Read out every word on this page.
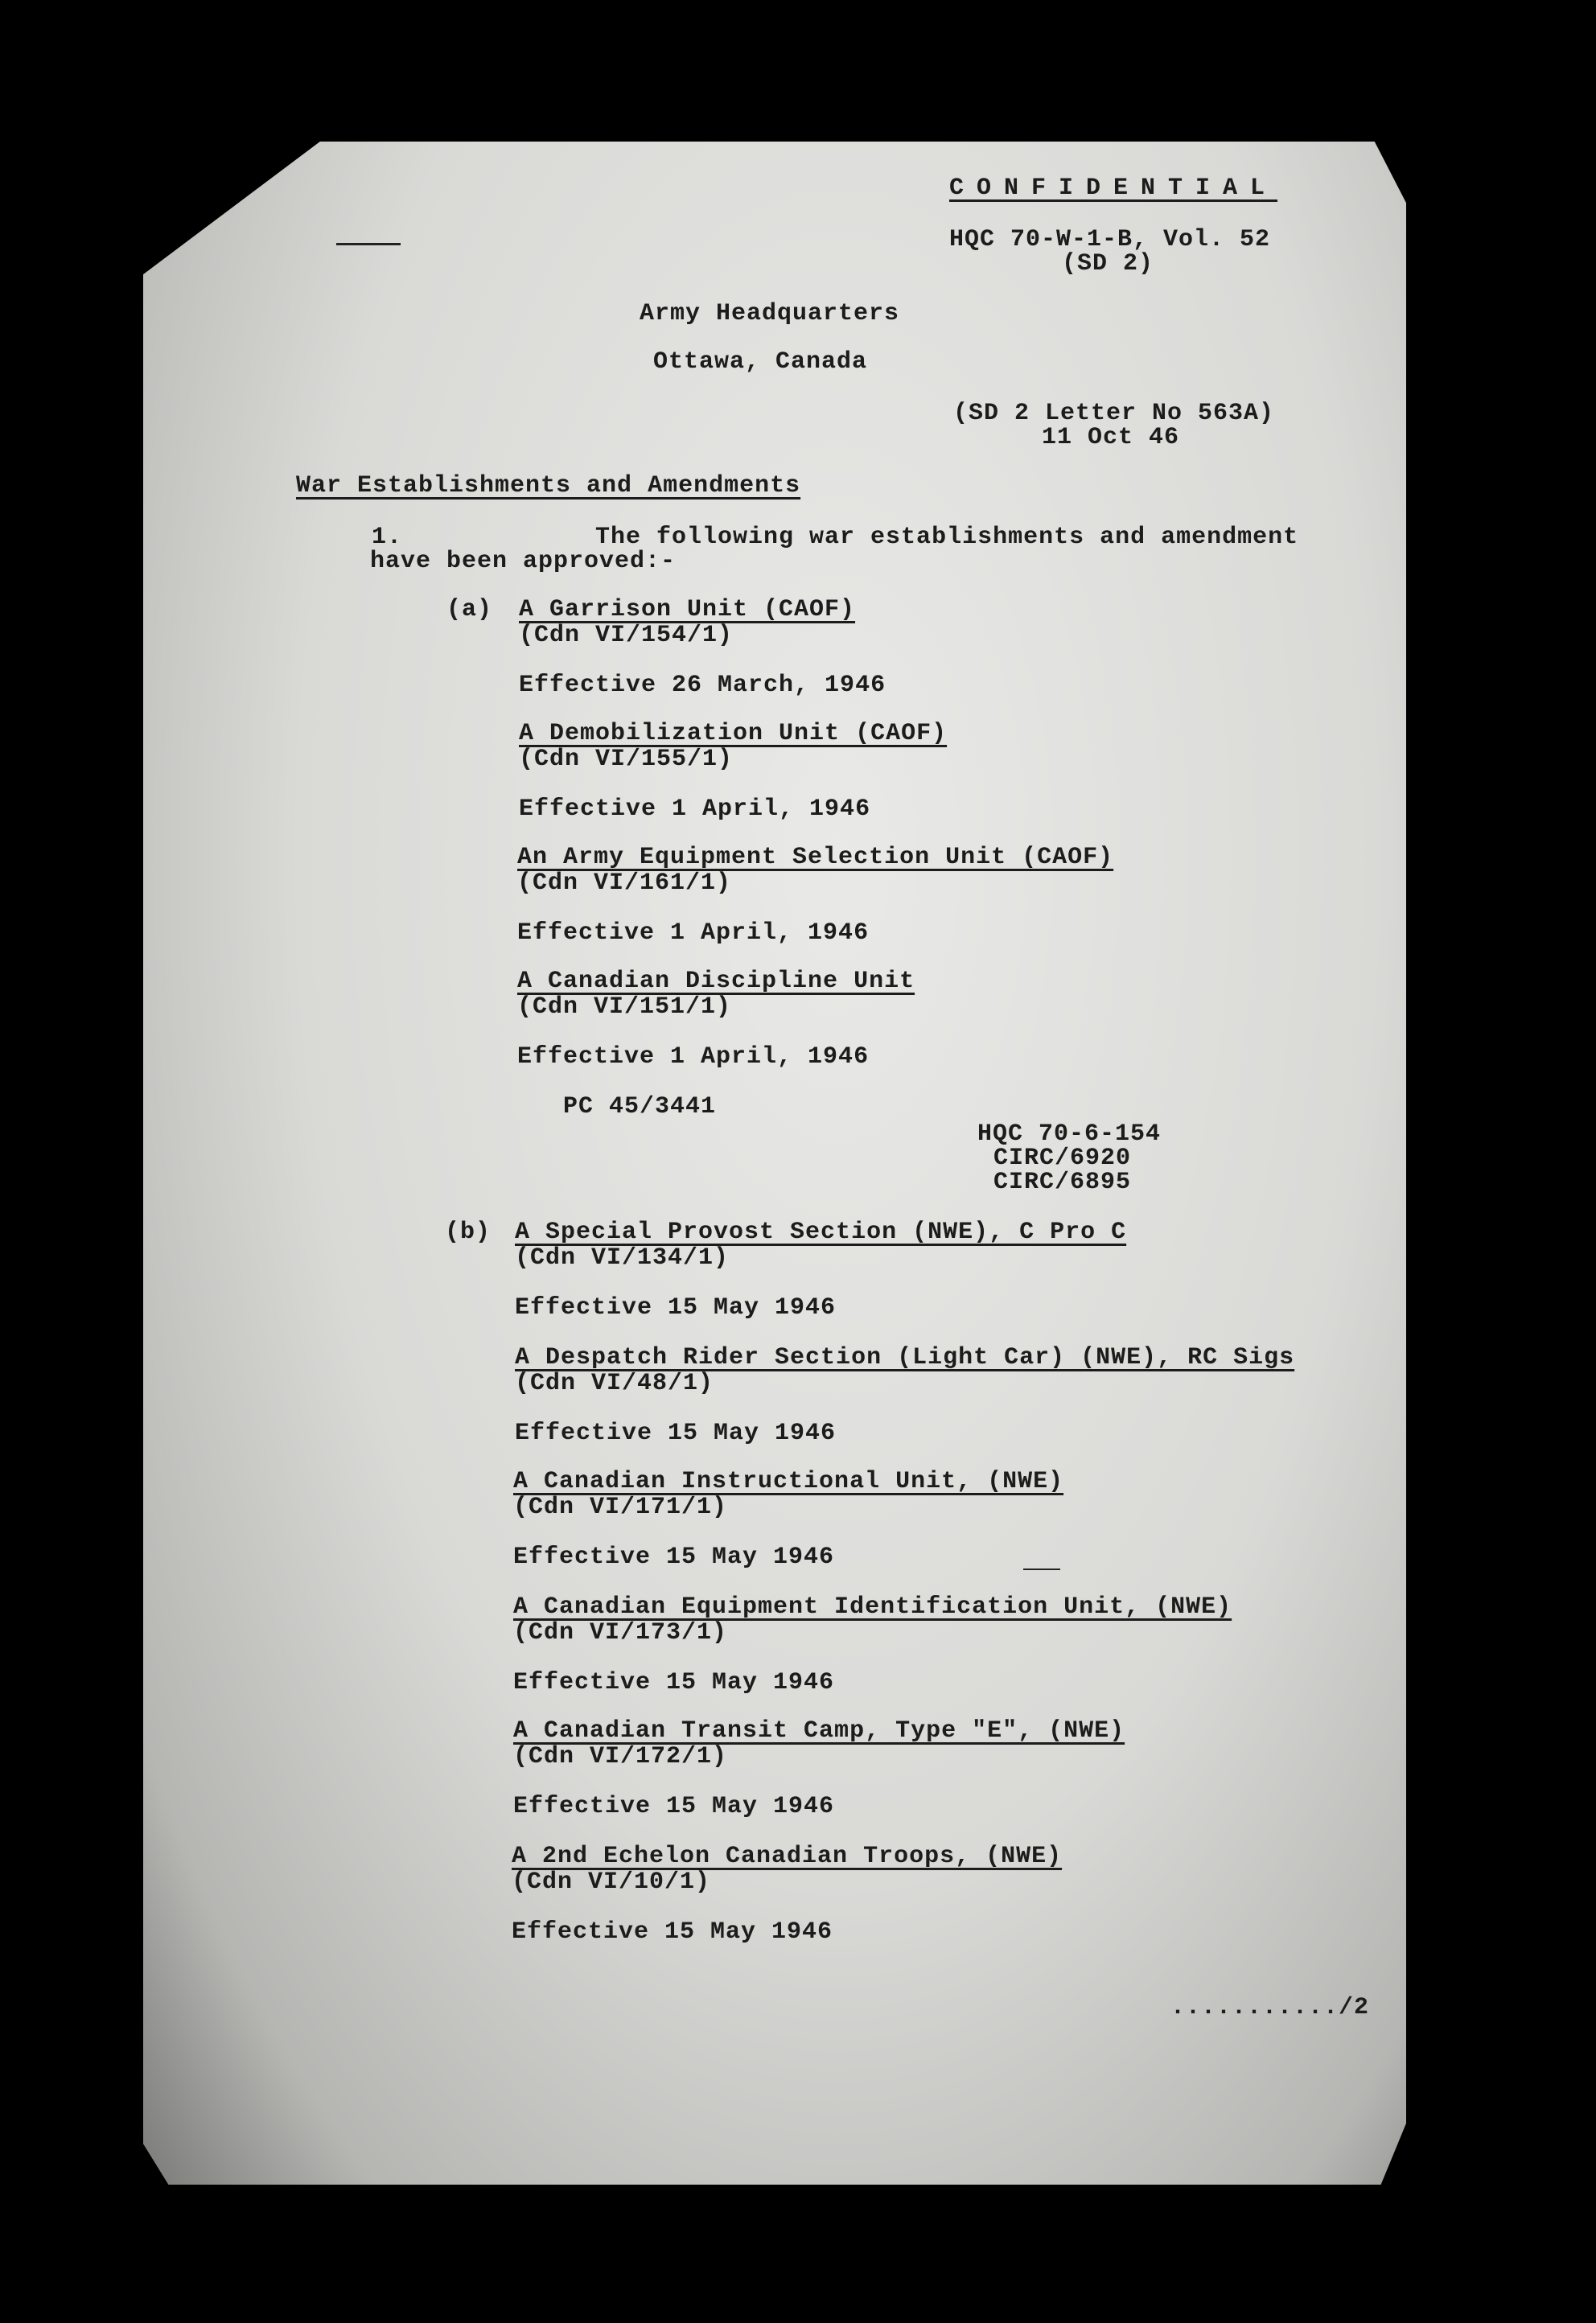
CONFIDENTIAL
HQC 70-W-1-B, Vol. 52
(SD 2)
Army Headquarters
Ottawa, Canada
(SD 2 Letter No 563A)
11 Oct 46
War Establishments and Amendments
1.	The following war establishments and amendment
have been approved:-
(a) A Garrison Unit (CAOF)
(Cdn VI/154/1)
Effective 26 March, 1946
A Demobilization Unit (CAOF)
(Cdn VI/155/1)
Effective 1 April, 1946
An Army Equipment Selection Unit (CAOF)
(Cdn VI/161/1)
Effective 1 April, 1946
A Canadian Discipline Unit
(Cdn VI/151/1)
Effective 1 April, 1946
PC 45/3441
HQC 70-6-154
CIRC/6920
CIRC/6895
(b) A Special Provost Section (NWE), C Pro C
(Cdn VI/134/1)
Effective 15 May 1946
A Despatch Rider Section (Light Car) (NWE), RC Sigs
(Cdn VI/48/1)
Effective 15 May 1946
A Canadian Instructional Unit, (NWE)
(Cdn VI/171/1)
Effective 15 May 1946
A Canadian Equipment Identification Unit, (NWE)
(Cdn VI/173/1)
Effective 15 May 1946
A Canadian Transit Camp, Type "E", (NWE)
(Cdn VI/172/1)
Effective 15 May 1946
A 2nd Echelon Canadian Troops, (NWE)
(Cdn VI/10/1)
Effective 15 May 1946
.........../2
